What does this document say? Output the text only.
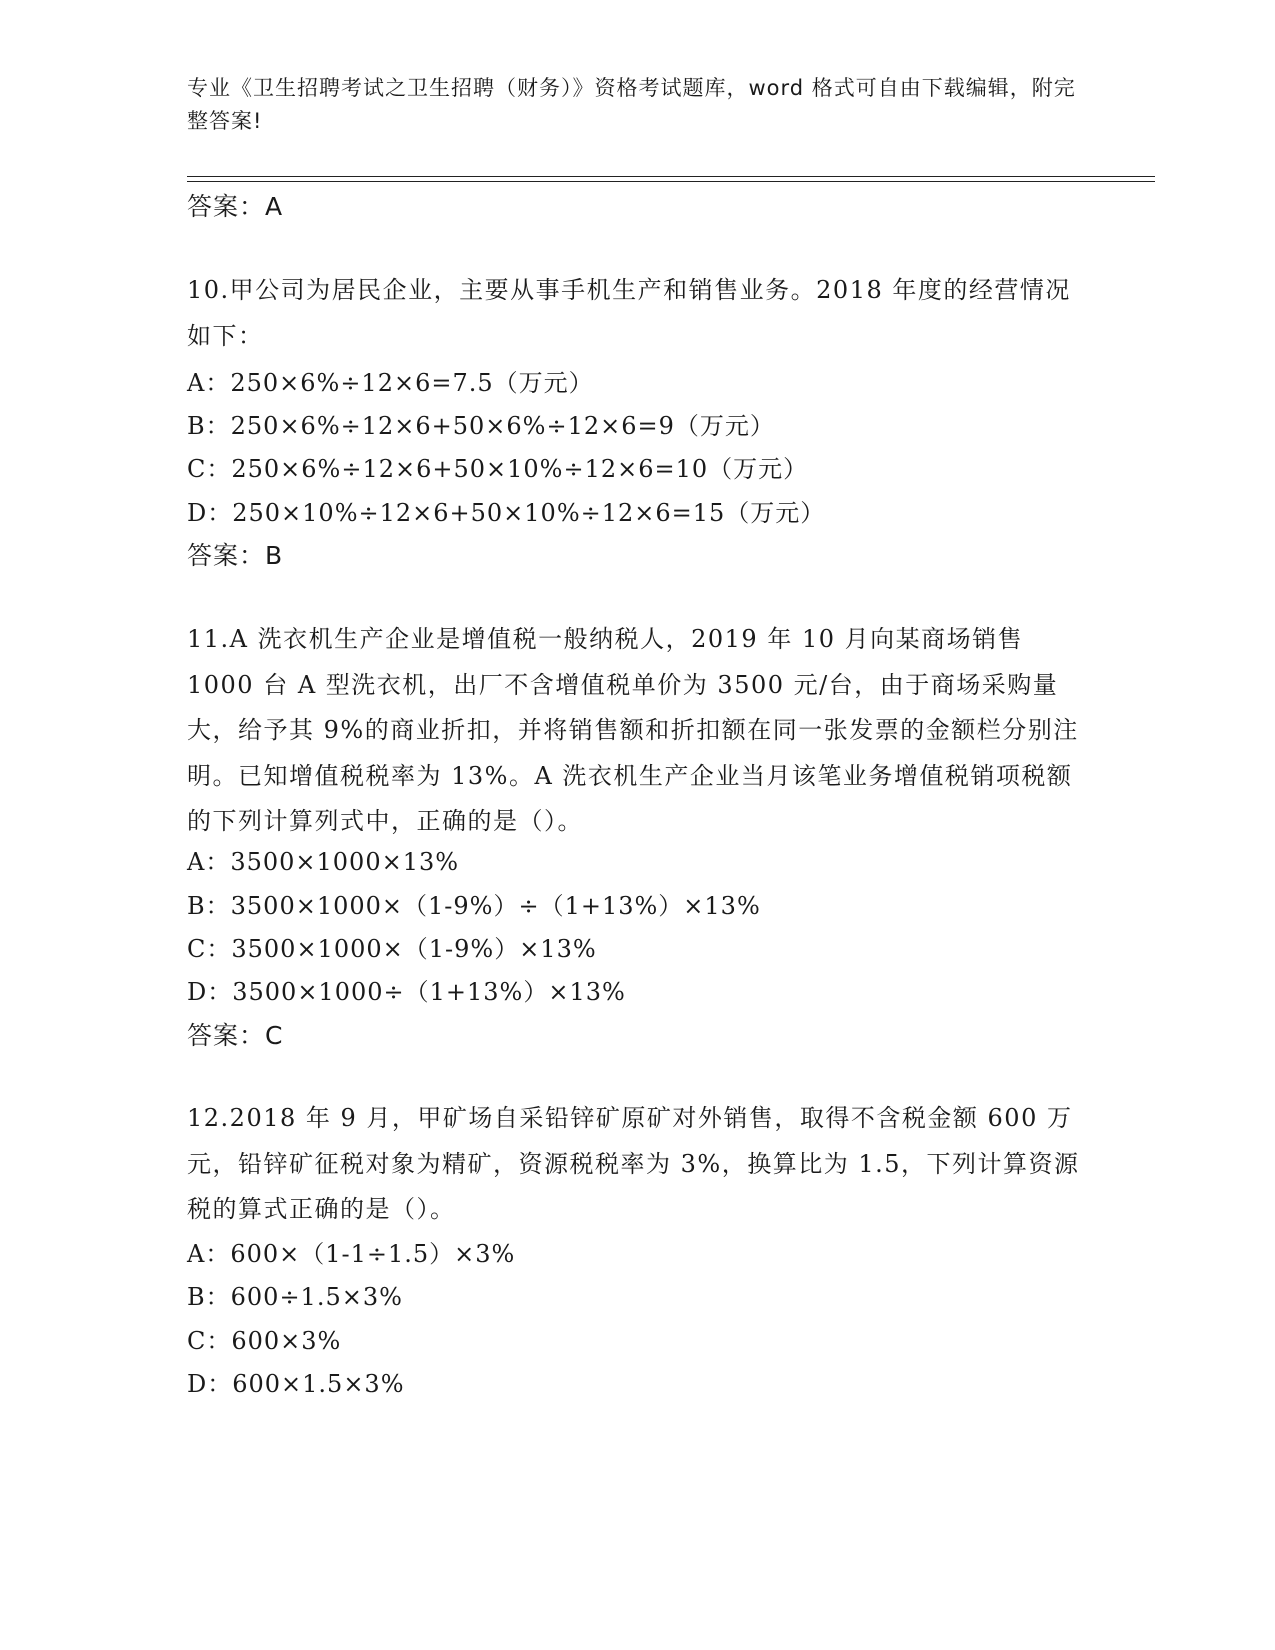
专业《卫生招聘考试之卫生招聘（财务）》资格考试题库，word 格式可自由下载编辑，附完整答案!
答案：A
10.甲公司为居民企业，主要从事手机生产和销售业务。2018 年度的经营情况如下：
A：250×6%÷12×6=7.5（万元）
B：250×6%÷12×6+50×6%÷12×6=9（万元）
C：250×6%÷12×6+50×10%÷12×6=10（万元）
D：250×10%÷12×6+50×10%÷12×6=15（万元）
答案：B
11.A 洗衣机生产企业是增值税一般纳税人，2019 年 10 月向某商场销售 1000 台 A 型洗衣机，出厂不含增值税单价为 3500 元/台，由于商场采购量大，给予其 9%的商业折扣，并将销售额和折扣额在同一张发票的金额栏分别注明。已知增值税税率为 13%。A 洗衣机生产企业当月该笔业务增值税销项税额的下列计算列式中，正确的是（）。
A：3500×1000×13%
B：3500×1000×（1-9%）÷（1+13%）×13%
C：3500×1000×（1-9%）×13%
D：3500×1000÷（1+13%）×13%
答案：C
12.2018 年 9 月，甲矿场自采铅锌矿原矿对外销售，取得不含税金额 600 万元，铅锌矿征税对象为精矿，资源税税率为 3%，换算比为 1.5，下列计算资源税的算式正确的是（）。
A：600×（1-1÷1.5）×3%
B：600÷1.5×3%
C：600×3%
D：600×1.5×3%
